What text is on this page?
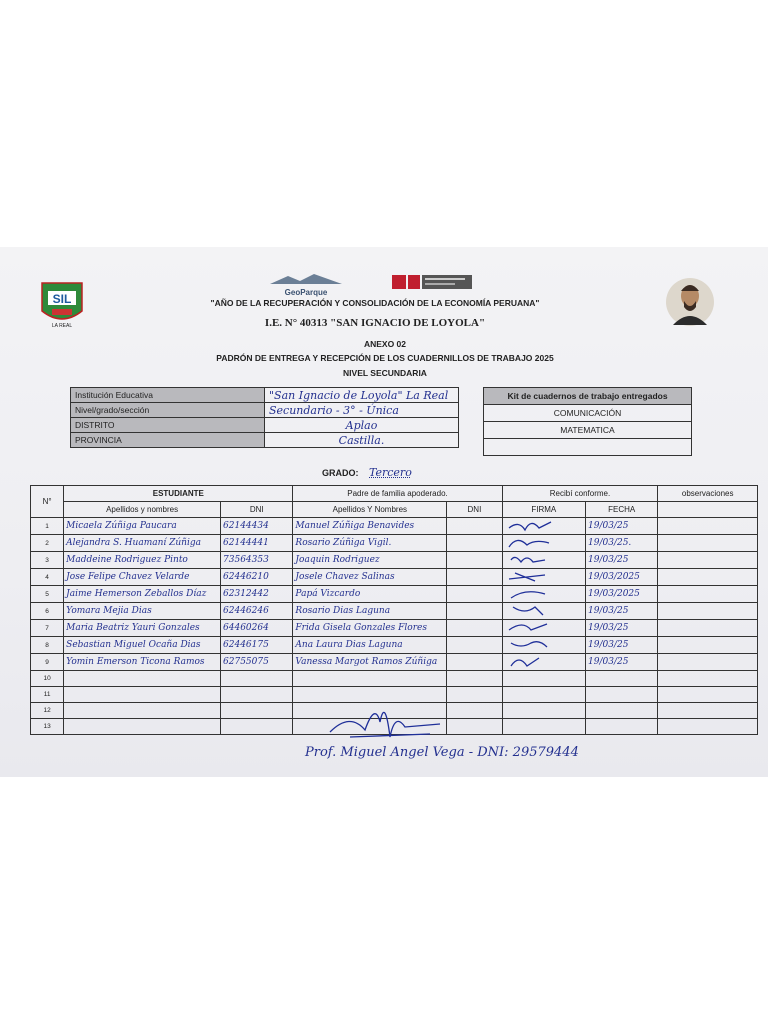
SIL
LA REAL
GeoParque
"AÑO DE LA RECUPERACIÓN Y CONSOLIDACIÓN DE LA ECONOMÍA PERUANA"
I.E. N° 40313 "SAN IGNACIO DE LOYOLA"
ANEXO 02
PADRÓN DE ENTREGA Y RECEPCIÓN DE LOS CUADERNILLOS DE TRABAJO 2025
NIVEL SECUNDARIA
Institución Educativa	"San Ignacio de Loyola" La Real
Nivel/grado/sección	Secundario - 3° - Única
DISTRITO	Aplao
PROVINCIA	Castilla.
Kit de cuadernos de trabajo entregados
COMUNICACIÓN
MATEMATICA

GRADO: Tercero
N°	ESTUDIANTE		Padre de familia apoderado.		Recibí conforme.		observaciones
	Apellidos y nombres	DNI	Apellidos Y Nombres	DNI	FIRMA	FECHA	
1	Micaela Zúñiga Paucara	62144434	Manuel Zúñiga Benavides			19/03/25	
2	Alejandra S. Huamaní Zúñiga	62144441	Rosario Zúñiga Vigil.			19/03/25.	
3	Maddeine Rodriguez Pinto	73564353	Joaquin Rodriguez			19/03/25	
4	Jose Felipe Chavez Velarde	62446210	Josele Chavez Salinas			19/03/2025	
5	Jaime Hemerson Zeballos Díaz	62312442	Papá Vizcardo			19/03/2025	
6	Yomara Mejia Dias	62446246	Rosario Dias Laguna			19/03/25	
7	Maria Beatriz Yauri Gonzales	64460264	Frida Gisela Gonzales Flores			19/03/25	
8	Sebastian Miguel Ocaña Dias	62446175	Ana Laura Dias Laguna			19/03/25	
9	Yomin Emerson Ticona Ramos	62755075	Vanessa Margot Ramos Zúñiga			19/03/25	
10							
11							
12							
13							
Prof. Miguel Angel Vega - DNI: 29579444
